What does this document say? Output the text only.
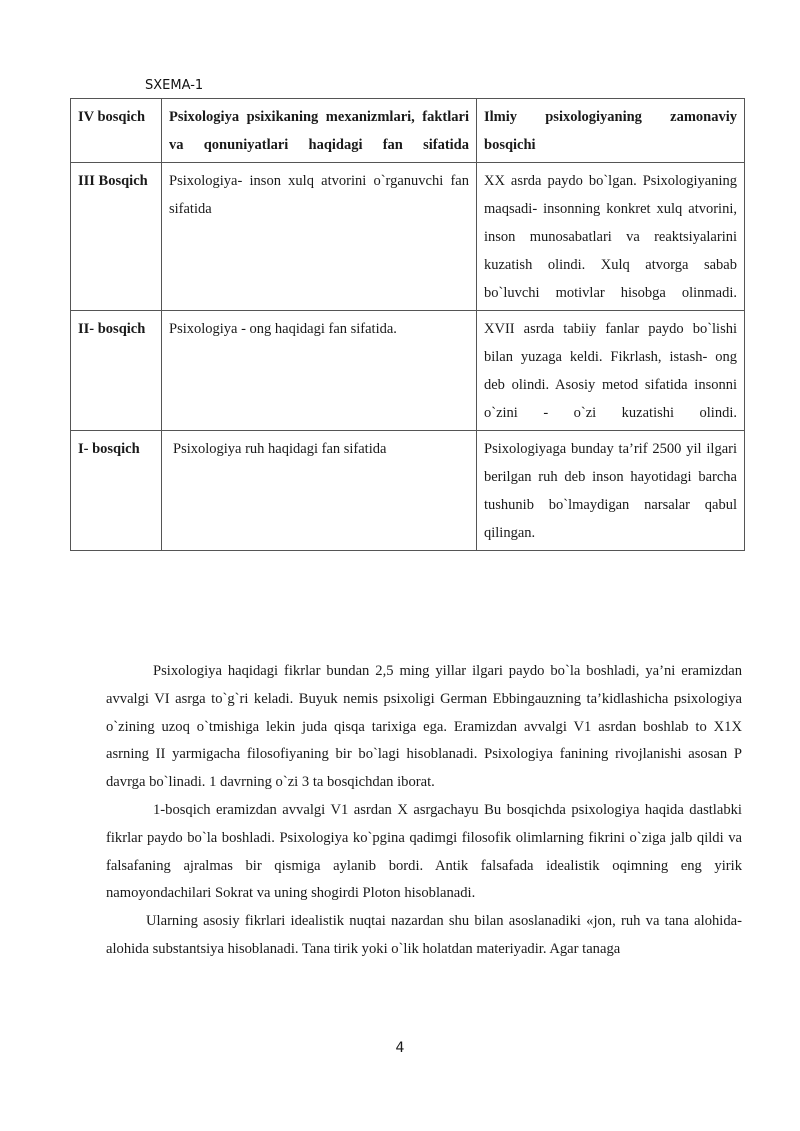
SXEMA-1
IV bosqich	Psixologiya psixikaning mexanizmlari, faktlari va qonuniyatlari haqidagi fan sifatida	Ilmiy psixologiyaning zamonaviy bosqichi
III Bosqich	Psixologiya- inson xulq atvorini o`rganuvchi fan sifatida	XX asrda paydo bo`lgan. Psixologiyaning maqsadi- insonning konkret xulq atvorini, inson munosabatlari va reaktsiyalarini kuzatish olindi. Xulq atvorga sabab bo`luvchi motivlar hisobga olinmadi.
II- bosqich	Psixologiya - ong haqidagi fan sifatida.	XVII asrda tabiiy fanlar paydo bo`lishi bilan yuzaga keldi. Fikrlash, istash- ong deb olindi. Asosiy metod sifatida insonni o`zini - o`zi kuzatishi olindi.
I- bosqich	Psixologiya ruh haqidagi fan sifatida	Psixologiyaga bunday ta’rif 2500 yil ilgari berilgan ruh deb inson hayotidagi barcha tushunib bo`lmaydigan narsalar qabul qilingan.

Psixologiya haqidagi fikrlar bundan 2,5 ming yillar ilgari paydo bo`la boshladi, ya’ni eramizdan avvalgi VI asrga to`g`ri keladi. Buyuk nemis psixoligi German Ebbingauzning ta’kidlashicha psixologiya o`zining uzoq o`tmishiga lekin juda qisqa tarixiga ega. Eramizdan avvalgi V1 asrdan boshlab to X1X asrning II yarmigacha filosofiyaning bir bo`lagi hisoblanadi. Psixologiya fanining rivojlanishi asosan P davrga bo`linadi. 1 davrning o`zi 3 ta bosqichdan iborat.

1-bosqich eramizdan avvalgi V1 asrdan X asrgachayu Bu bosqichda psixologiya haqida dastlabki fikrlar paydo bo`la boshladi. Psixologiya ko`pgina qadimgi filosofik olimlarning fikrini o`ziga jalb qildi va falsafaning ajralmas bir qismiga aylanib bordi. Antik falsafada idealistik oqimning eng yirik namoyondachilari Sokrat va uning shogirdi Ploton hisoblanadi.

Ularning asosiy fikrlari idealistik nuqtai nazardan shu bilan asoslanadiki «jon, ruh va tana alohida-alohida substantsiya hisoblanadi. Tana tirik yoki o`lik holatdan materiyadir. Agar tanaga

4
